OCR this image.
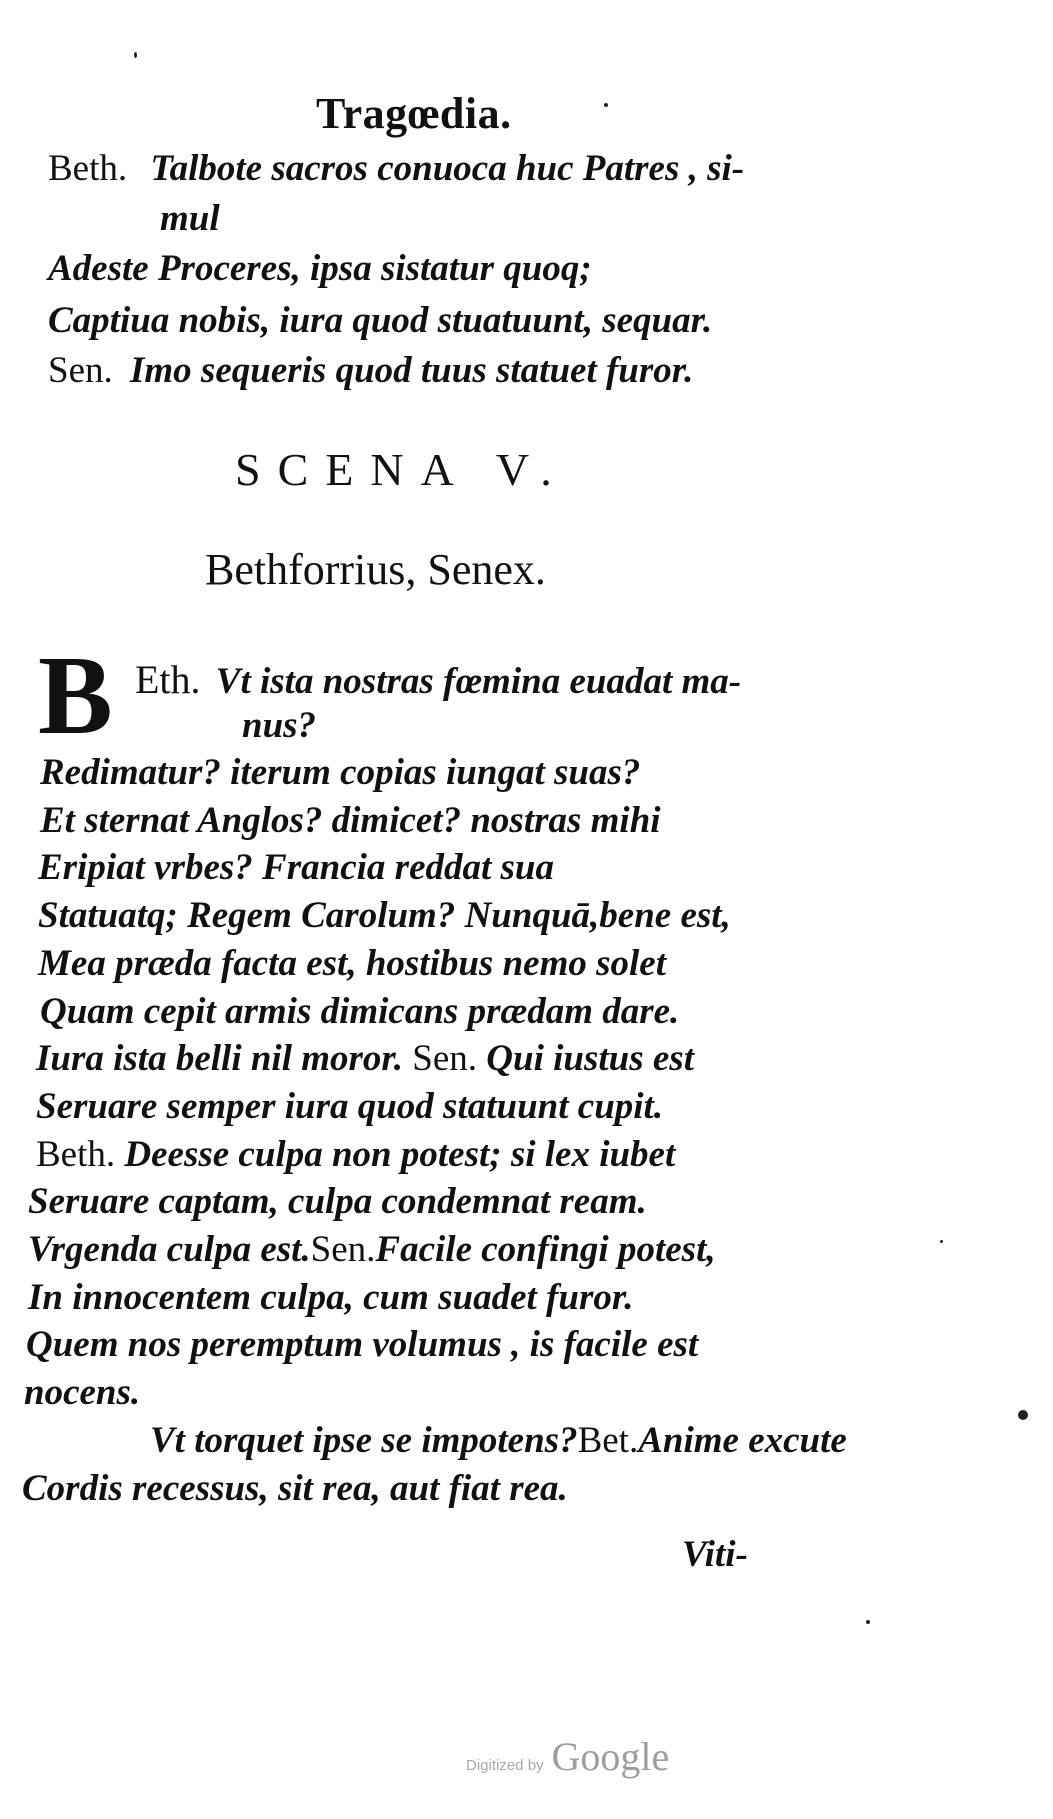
Tragœdia.
Beth. Talbote sacros conuoca huc Patres , si-
mul
Adeste Proceres, ipsa sistatur quoq;
Captiua nobis, iura quod stuatuunt, sequar.
Sen. Imo sequeris quod tuus statuet furor.
SCENA V.
Bethforrius, Senex.
B Eth. Vt ista nostras fœmina euadat ma-
nus?
Redimatur? iterum copias iungat suas?
Et sternat Anglos? dimicet? nostras mihi
Eripiat vrbes? Francia reddat sua
Statuatq; Regem Carolum? Nunquā,bene est,
Mea præda facta est, hostibus nemo solet
Quam cepit armis dimicans prædam dare.
Iura ista belli nil moror. Sen. Qui iustus est
Seruare semper iura quod statuunt cupit.
Beth. Deesse culpa non potest; si lex iubet
Seruare captam, culpa condemnat ream.
Vrgenda culpa est.Sen.Facile confingi potest,
In innocentem culpa, cum suadet furor.
Quem nos peremptum volumus , is facile est
nocens.
Vt torquet ipse se impotens?Bet.Anime excute
Cordis recessus, sit rea, aut fiat rea.
Viti-
Digitized by Google
